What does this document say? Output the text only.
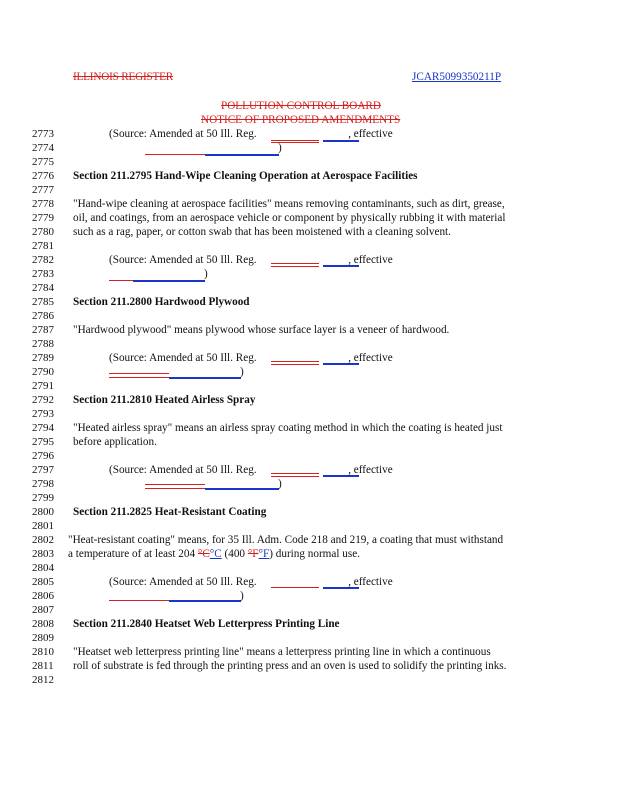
ILLINOIS REGISTER	JCAR5099350211P
POLLUTION CONTROL BOARD
NOTICE OF PROPOSED AMENDMENTS
2773
2774
2775
2776
2777
2778
2779
2780
2781
2782
2783
2784
2785
2786
2787
2788
2789
2790
2791
2792
2793
2794
2795
2796
2797
2798
2799
2800
2801
2802
2803
2804
2805
2806
2807
2808
2809
2810
2811
2812
(Source: Amended at 50 Ill. Reg.	, effective
)
Section 211.2795 Hand-Wipe Cleaning Operation at Aerospace Facilities
"Hand-wipe cleaning at aerospace facilities" means removing contaminants, such as dirt, grease,
oil, and coatings, from an aerospace vehicle or component by physically rubbing it with material
such as a rag, paper, or cotton swab that has been moistened with a cleaning solvent.
(Source: Amended at 50 Ill. Reg.	, effective
)
Section 211.2800 Hardwood Plywood
"Hardwood plywood" means plywood whose surface layer is a veneer of hardwood.
(Source: Amended at 50 Ill. Reg.	, effective
)
Section 211.2810 Heated Airless Spray
"Heated airless spray" means an airless spray coating method in which the coating is heated just
before application.
(Source: Amended at 50 Ill. Reg.	, effective
)
Section 211.2825 Heat-Resistant Coating
"Heat-resistant coating" means, for 35 Ill. Adm. Code 218 and 219, a coating that must withstand
a temperature of at least 204 °C°C (400 °F°F) during normal use.
(Source: Amended at 50 Ill. Reg.	, effective
)
Section 211.2840 Heatset Web Letterpress Printing Line
"Heatset web letterpress printing line" means a letterpress printing line in which a continuous
roll of substrate is fed through the printing press and an oven is used to solidify the printing inks.
